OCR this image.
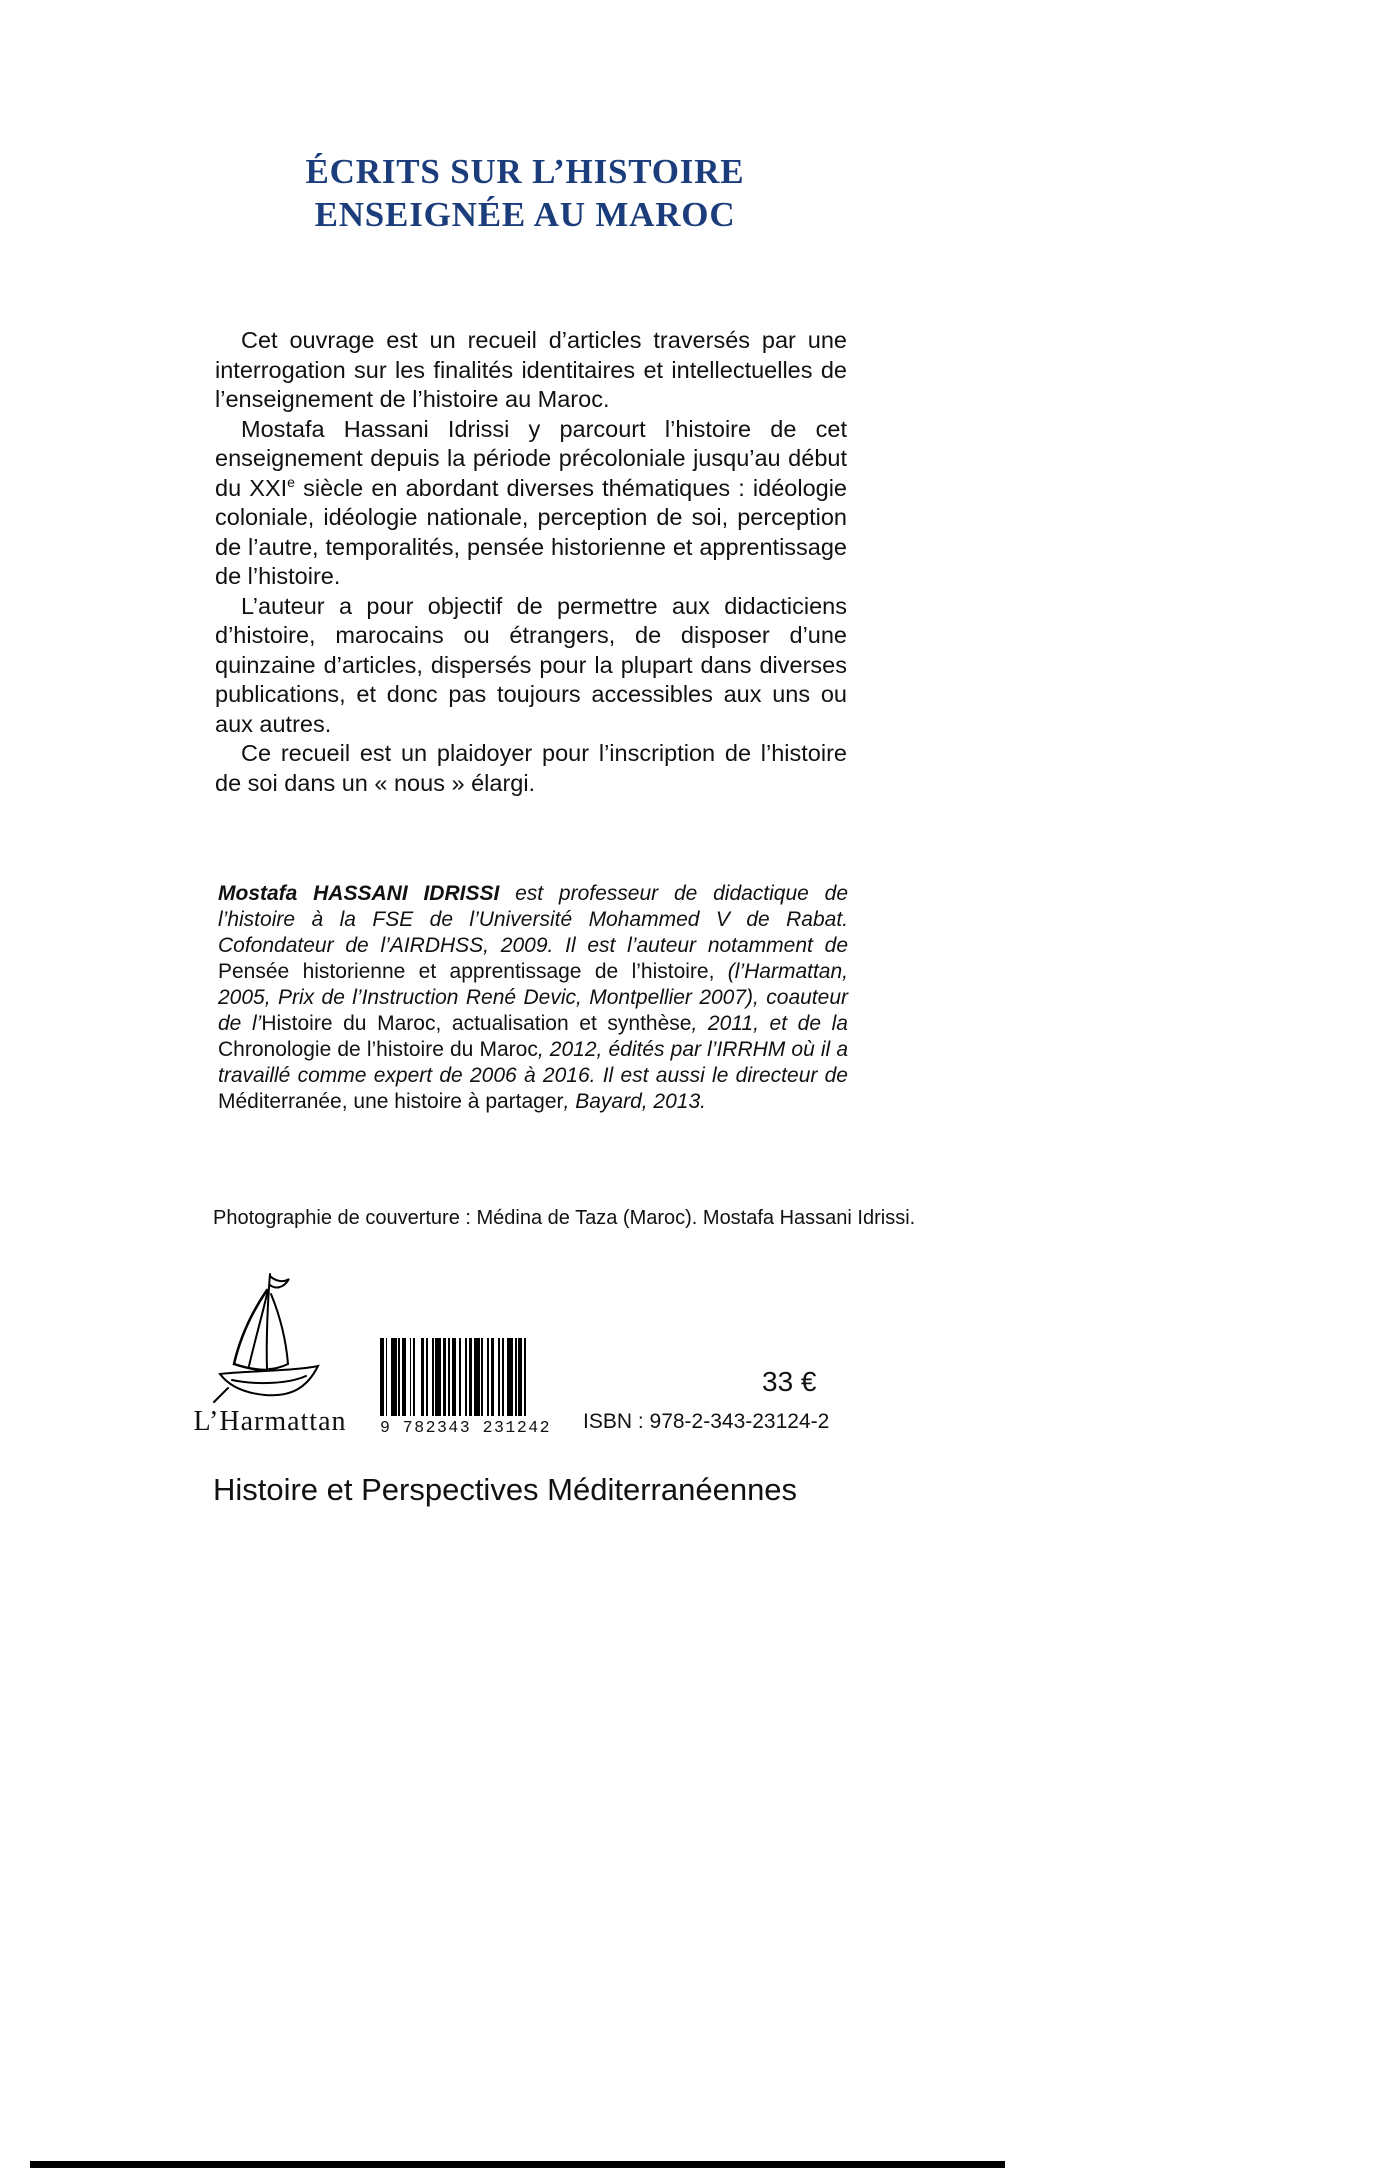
ÉCRITS SUR L’HISTOIRE
ENSEIGNÉE AU MAROC

Cet ouvrage est un recueil d’articles traversés par une interrogation sur les finalités identitaires et intellectuelles de l’enseignement de l’histoire au Maroc.

Mostafa Hassani Idrissi y parcourt l’histoire de cet enseignement depuis la période précoloniale jusqu’au début du XXIe siècle en abordant diverses thématiques : idéologie coloniale, idéologie nationale, perception de soi, perception de l’autre, temporalités, pensée historienne et apprentissage de l’histoire.

L’auteur a pour objectif de permettre aux didacticiens d’histoire, marocains ou étrangers, de disposer d’une quinzaine d’articles, dispersés pour la plupart dans diverses publications, et donc pas toujours accessibles aux uns ou aux autres.

Ce recueil est un plaidoyer pour l’inscription de l’histoire de soi dans un « nous » élargi.

Mostafa HASSANI IDRISSI est professeur de didactique de l’histoire à la FSE de l’Université Mohammed V de Rabat. Cofondateur de l’AIRDHSS, 2009. Il est l’auteur notamment de Pensée historienne et apprentissage de l’histoire, (l’Harmattan, 2005, Prix de l’Instruction René Devic, Montpellier 2007), coauteur de l’Histoire du Maroc, actualisation et synthèse, 2011, et de la Chronologie de l’histoire du Maroc, 2012, édités par l’IRRHM où il a travaillé comme expert de 2006 à 2016. Il est aussi le directeur de Méditerranée, une histoire à partager, Bayard, 2013.
Photographie de couverture : Médina de Taza (Maroc). Mostafa Hassani Idrissi.
L’Harmattan	9 782343 231242
33 €
ISBN : 978-2-343-23124-2
Histoire et Perspectives Méditerranéennes
